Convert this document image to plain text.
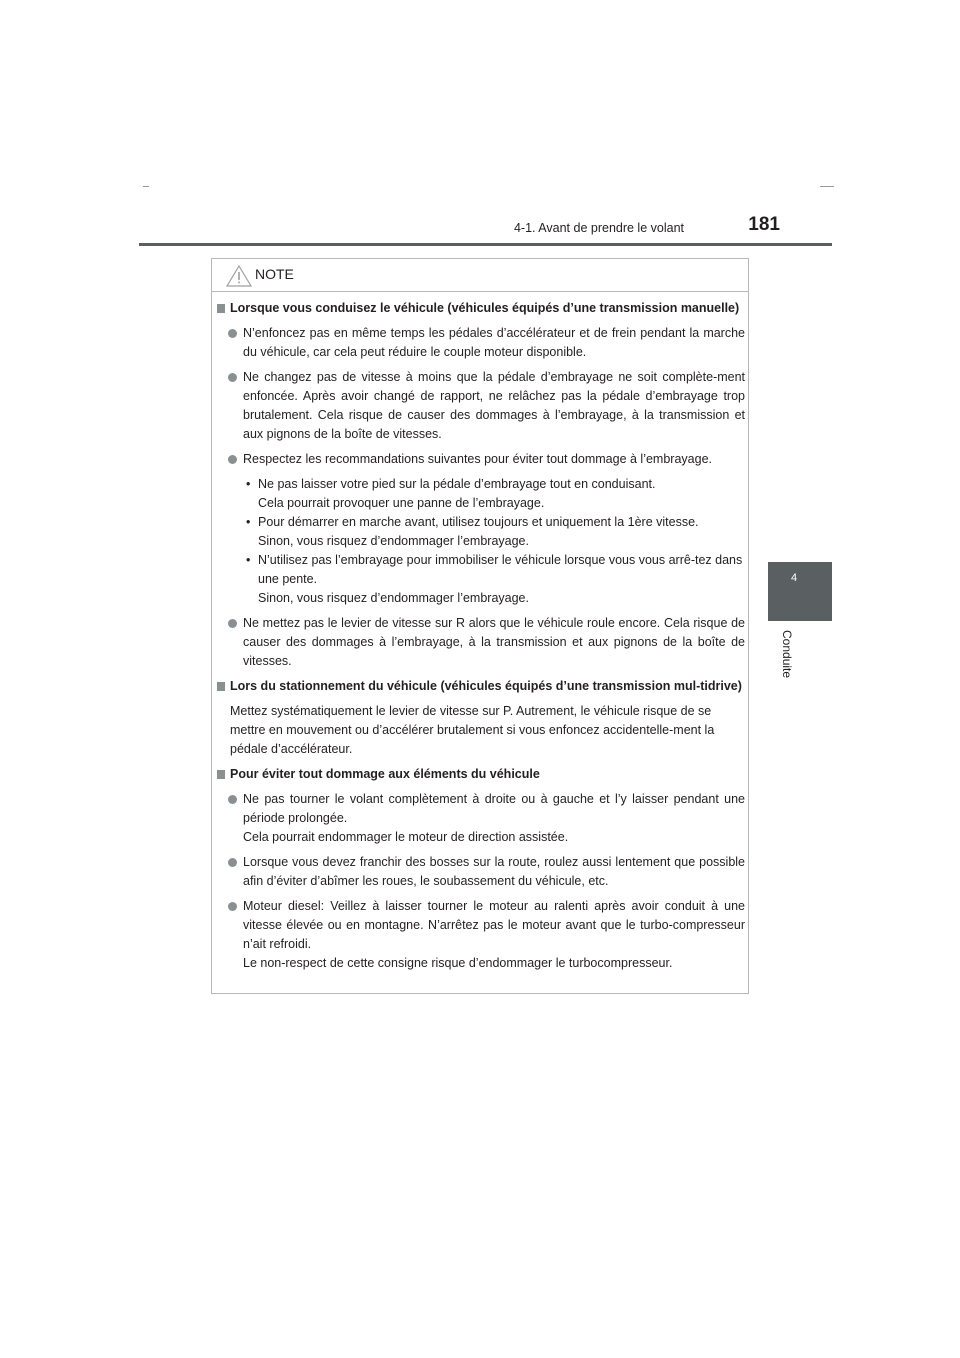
4-1. Avant de prendre le volant	181
4
Conduite
NOTE
Lorsque vous conduisez le véhicule (véhicules équipés d’une transmission manuelle)
N’enfoncez pas en même temps les pédales d’accélérateur et de frein pendant la marche du véhicule, car cela peut réduire le couple moteur disponible.
Ne changez pas de vitesse à moins que la pédale d’embrayage ne soit complète-ment enfoncée. Après avoir changé de rapport, ne relâchez pas la pédale d’embrayage trop brutalement. Cela risque de causer des dommages à l’embrayage, à la transmission et aux pignons de la boîte de vitesses.
Respectez les recommandations suivantes pour éviter tout dommage à l’embrayage.
• Ne pas laisser votre pied sur la pédale d’embrayage tout en conduisant.
Cela pourrait provoquer une panne de l’embrayage.
• Pour démarrer en marche avant, utilisez toujours et uniquement la 1ère vitesse.
Sinon, vous risquez d’endommager l’embrayage.
• N’utilisez pas l’embrayage pour immobiliser le véhicule lorsque vous vous arrê-tez dans une pente.
Sinon, vous risquez d’endommager l’embrayage.
Ne mettez pas le levier de vitesse sur R alors que le véhicule roule encore. Cela risque de causer des dommages à l’embrayage, à la transmission et aux pignons de la boîte de vitesses.
Lors du stationnement du véhicule (véhicules équipés d’une transmission mul-tidrive)
Mettez systématiquement le levier de vitesse sur P. Autrement, le véhicule risque de se mettre en mouvement ou d’accélérer brutalement si vous enfoncez accidentelle-ment la pédale d’accélérateur.
Pour éviter tout dommage aux éléments du véhicule
Ne pas tourner le volant complètement à droite ou à gauche et l’y laisser pendant une période prolongée.
Cela pourrait endommager le moteur de direction assistée.
Lorsque vous devez franchir des bosses sur la route, roulez aussi lentement que possible afin d’éviter d’abîmer les roues, le soubassement du véhicule, etc.
Moteur diesel: Veillez à laisser tourner le moteur au ralenti après avoir conduit à une vitesse élevée ou en montagne. N’arrêtez pas le moteur avant que le turbo-compresseur n’ait refroidi.
Le non-respect de cette consigne risque d’endommager le turbocompresseur.
